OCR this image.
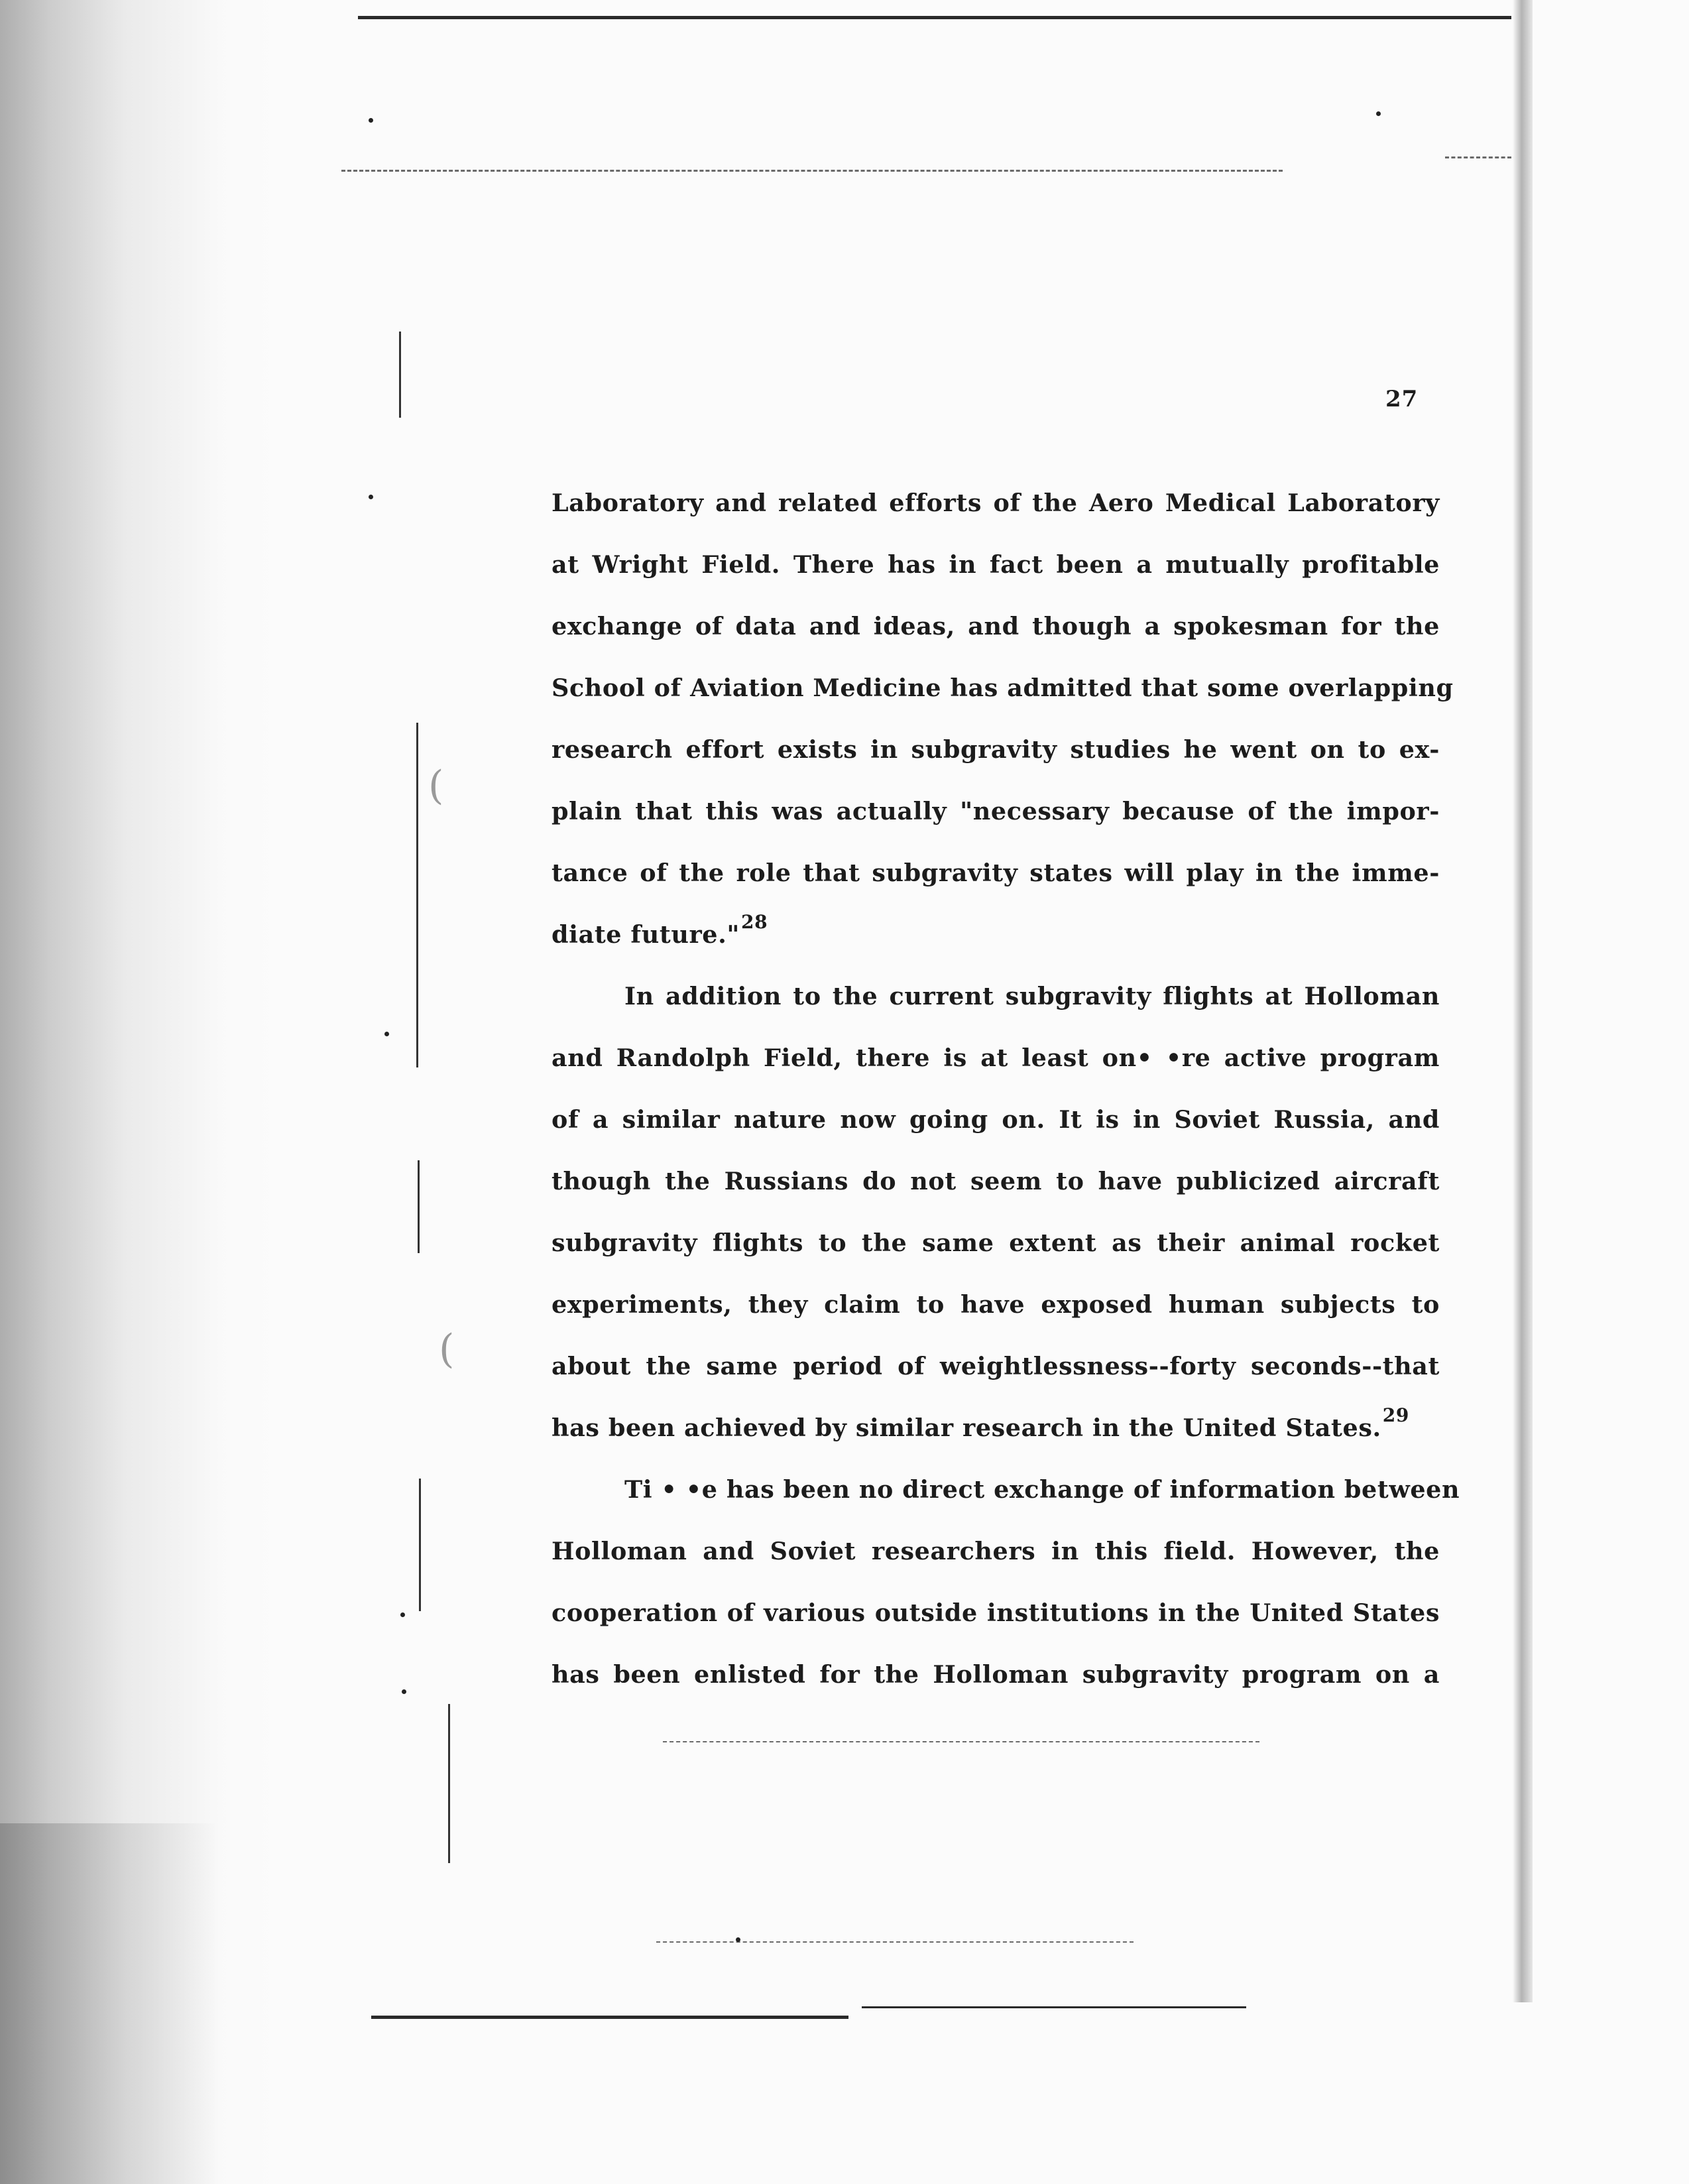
(
(
27
Laboratory and related efforts of the Aero Medical Laboratory
at Wright Field. There has in fact been a mutually profitable
exchange of data and ideas, and though a spokesman for the
School of Aviation Medicine has admitted that some overlapping
research effort exists in subgravity studies he went on to ex-
plain that this was actually "necessary because of the impor-
tance of the role that subgravity states will play in the imme-
diate future."$^{28}$
In addition to the current subgravity flights at Holloman
and Randolph Field, there is at least on• •re active program
of a similar nature now going on. It is in Soviet Russia, and
though the Russians do not seem to have publicized aircraft
subgravity flights to the same extent as their animal rocket
experiments, they claim to have exposed human subjects to
about the same period of weightlessness--forty seconds--that
has been achieved by similar research in the United States.$^{29}$
Ti • •e has been no direct exchange of information between
Holloman and Soviet researchers in this field. However, the
cooperation of various outside institutions in the United States
has been enlisted for the Holloman subgravity program on a
